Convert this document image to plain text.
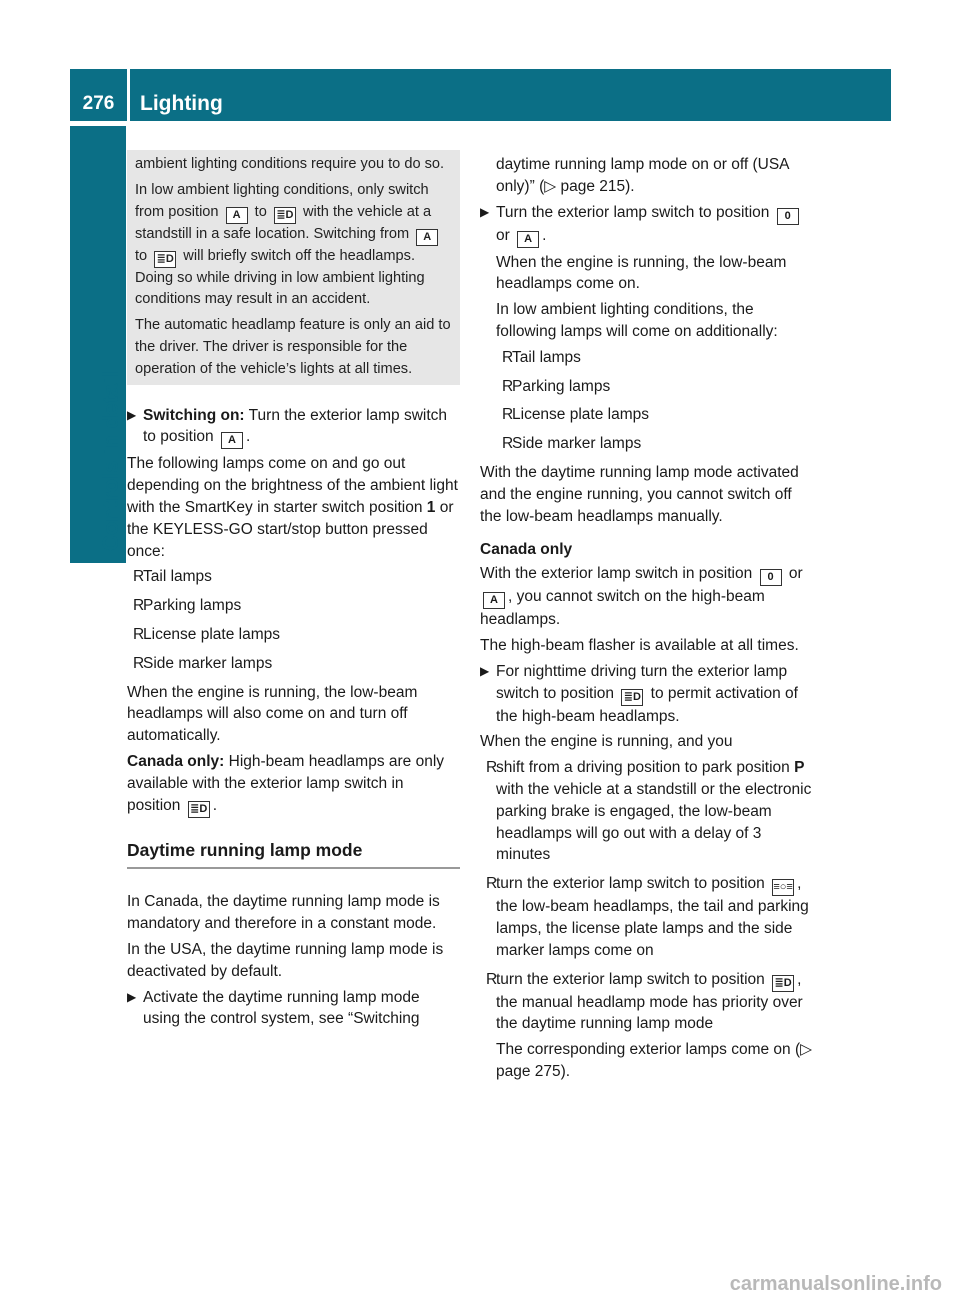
276	Lighting
Controls in detail

ambient lighting conditions require you to do so.

In low ambient lighting conditions, only switch from position A to ≣D with the vehicle at a standstill in a safe location. Switching from A to ≣D will briefly switch off the headlamps. Doing so while driving in low ambient lighting conditions may result in an accident.

The automatic headlamp feature is only an aid to the driver. The driver is responsible for the operation of the vehicle’s lights at all times.

▶ Switching on: Turn the exterior lamp switch to position A .

The following lamps come on and go out depending on the brightness of the ambient light with the SmartKey in starter switch position 1 or the KEYLESS-GO start/stop button pressed once:

R
Tail lamps
R
Parking lamps
R
License plate lamps
R
Side marker lamps

When the engine is running, the low-beam headlamps will also come on and turn off automatically.

Canada only: High-beam headlamps are only available with the exterior lamp switch in position ≣D .

Daytime running lamp mode

In Canada, the daytime running lamp mode is mandatory and therefore in a constant mode.

In the USA, the daytime running lamp mode is deactivated by default.

▶ Activate the daytime running lamp mode using the control system, see “Switching

daytime running lamp mode on or off (USA only)” (▷ page 215).

▶ Turn the exterior lamp switch to position 0 or A .
When the engine is running, the low-beam headlamps come on.
In low ambient lighting conditions, the following lamps will come on additionally:
R
Tail lamps
R
Parking lamps
R
License plate lamps
R
Side marker lamps

With the daytime running lamp mode activated and the engine running, you cannot switch off the low-beam headlamps manually.

Canada only

With the exterior lamp switch in position 0 or A , you cannot switch on the high-beam headlamps.

The high-beam flasher is available at all times.

▶ For nighttime driving turn the exterior lamp switch to position ≣D to permit activation of the high-beam headlamps.

When the engine is running, and you

R
shift from a driving position to park position P with the vehicle at a standstill or the electronic parking brake is engaged, the low-beam headlamps will go out with a delay of 3 minutes
R
turn the exterior lamp switch to position ≡○≡ , the low-beam headlamps, the tail and parking lamps, the license plate lamps and the side marker lamps come on
R
turn the exterior lamp switch to position ≣D , the manual headlamp mode has priority over the daytime running lamp mode
The corresponding exterior lamps come on (▷ page 275).
carmanualsonline.info
